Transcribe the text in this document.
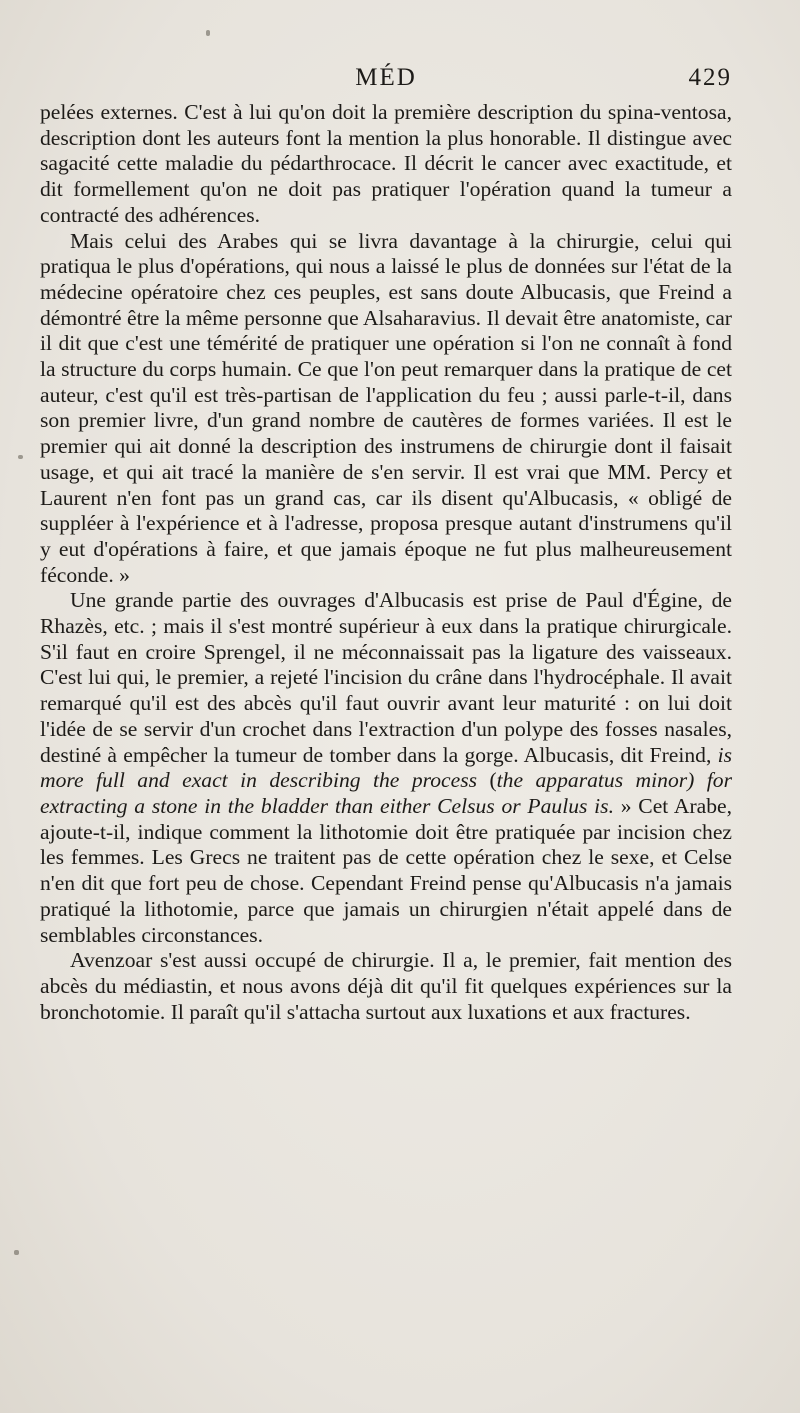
MÉD	429

pelées externes. C'est à lui qu'on doit la première description du spina-ventosa, description dont les auteurs font la mention la plus honorable. Il distingue avec sagacité cette maladie du pédarthrocace. Il décrit le cancer avec exactitude, et dit formellement qu'on ne doit pas pratiquer l'opération quand la tumeur a contracté des adhérences.

Mais celui des Arabes qui se livra davantage à la chirurgie, celui qui pratiqua le plus d'opérations, qui nous a laissé le plus de données sur l'état de la médecine opératoire chez ces peuples, est sans doute Albucasis, que Freind a démontré être la même personne que Alsaharavius. Il devait être anatomiste, car il dit que c'est une témérité de pratiquer une opération si l'on ne connaît à fond la structure du corps humain. Ce que l'on peut remarquer dans la pratique de cet auteur, c'est qu'il est très-partisan de l'application du feu ; aussi parle-t-il, dans son premier livre, d'un grand nombre de cautères de formes variées. Il est le premier qui ait donné la description des instrumens de chirurgie dont il faisait usage, et qui ait tracé la manière de s'en servir. Il est vrai que MM. Percy et Laurent n'en font pas un grand cas, car ils disent qu'Albucasis, « obligé de suppléer à l'expérience et à l'adresse, proposa presque autant d'instrumens qu'il y eut d'opérations à faire, et que jamais époque ne fut plus malheureusement féconde. »

Une grande partie des ouvrages d'Albucasis est prise de Paul d'Égine, de Rhazès, etc. ; mais il s'est montré supérieur à eux dans la pratique chirurgicale. S'il faut en croire Sprengel, il ne méconnaissait pas la ligature des vaisseaux. C'est lui qui, le premier, a rejeté l'incision du crâne dans l'hydrocéphale. Il avait remarqué qu'il est des abcès qu'il faut ouvrir avant leur maturité : on lui doit l'idée de se servir d'un crochet dans l'extraction d'un polype des fosses nasales, destiné à empêcher la tumeur de tomber dans la gorge. Albucasis, dit Freind, is more full and exact in describing the process (the apparatus minor) for extracting a stone in the bladder than either Celsus or Paulus is. » Cet Arabe, ajoute-t-il, indique comment la lithotomie doit être pratiquée par incision chez les femmes. Les Grecs ne traitent pas de cette opération chez le sexe, et Celse n'en dit que fort peu de chose. Cependant Freind pense qu'Albucasis n'a jamais pratiqué la lithotomie, parce que jamais un chirurgien n'était appelé dans de semblables circonstances.

Avenzoar s'est aussi occupé de chirurgie. Il a, le premier, fait mention des abcès du médiastin, et nous avons déjà dit qu'il fit quelques expériences sur la bronchotomie. Il paraît qu'il s'attacha surtout aux luxations et aux fractures.
